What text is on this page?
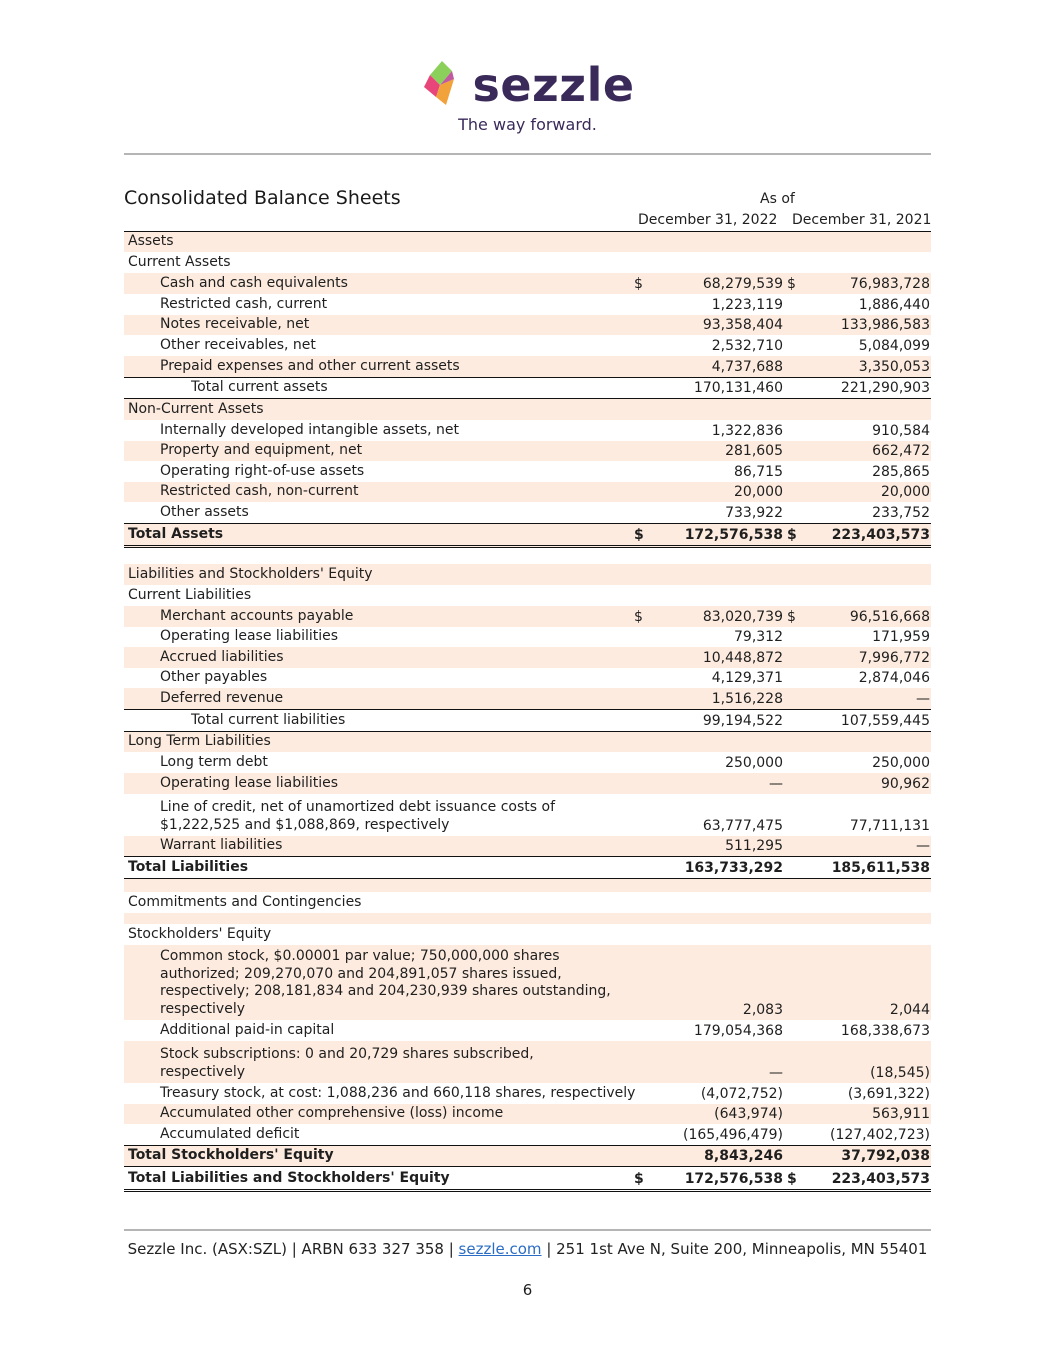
sezzle
The way forward.
Consolidated Balance Sheets	As of
December 31, 2022 December 31, 2021
Assets
Current Assets
Cash and cash equivalents	$	68,279,539 $	76,983,728
Restricted cash, current	1,223,119	1,886,440
Notes receivable, net	93,358,404	133,986,583
Other receivables, net	2,532,710	5,084,099
Prepaid expenses and other current assets	4,737,688	3,350,053
Total current assets	170,131,460	221,290,903
Non-Current Assets
Internally developed intangible assets, net	1,322,836	910,584
Property and equipment, net	281,605	662,472
Operating right-of-use assets	86,715	285,865
Restricted cash, non-current	20,000	20,000
Other assets	733,922	233,752
Total Assets	$	172,576,538 $ 223,403,573
Liabilities and Stockholders' Equity
Current Liabilities
Merchant accounts payable	$	83,020,739 $	96,516,668
Operating lease liabilities	79,312	171,959
Accrued liabilities	10,448,872	7,996,772
Other payables	4,129,371	2,874,046
Deferred revenue	1,516,228	—
Total current liabilities	99,194,522	107,559,445
Long Term Liabilities
Long term debt	250,000	250,000
Operating lease liabilities	—	90,962
Line of credit, net of unamortized debt issuance costs of
$1,222,525 and $1,088,869, respectively	63,777,475	77,711,131
Warrant liabilities	511,295	—
Total Liabilities	163,733,292	185,611,538
Commitments and Contingencies
Stockholders' Equity
Common stock, $0.00001 par value; 750,000,000 shares
authorized; 209,270,070 and 204,891,057 shares issued,
respectively; 208,181,834 and 204,230,939 shares outstanding,
respectively	2,083	2,044
Additional paid-in capital	179,054,368	168,338,673
Stock subscriptions: 0 and 20,729 shares subscribed,
respectively	—	(18,545)
Treasury stock, at cost: 1,088,236 and 660,118 shares, respectively	(4,072,752)	(3,691,322)
Accumulated other comprehensive (loss) income	(643,974)	563,911
Accumulated deficit	(165,496,479)	(127,402,723)
Total Stockholders' Equity	8,843,246	37,792,038
Total Liabilities and Stockholders' Equity	$	172,576,538 $ 223,403,573
Sezzle Inc. (ASX:SZL) | ARBN 633 327 358 | sezzle.com | 251 1st Ave N, Suite 200, Minneapolis, MN 55401
6
